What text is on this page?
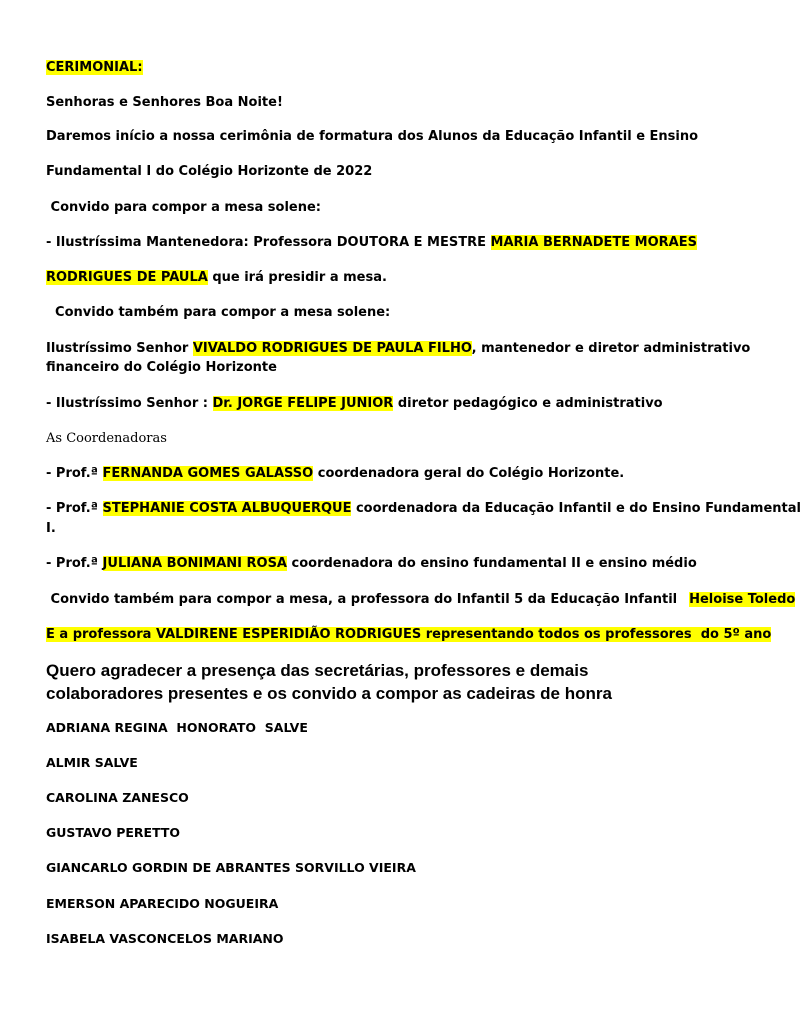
CERIMONIAL:
Senhoras e Senhores Boa Noite!
Daremos início a nossa cerimônia de formatura dos Alunos da Educação Infantil e Ensino
Fundamental I do Colégio Horizonte de 2022
Convido para compor a mesa solene:
- Ilustríssima Mantenedora: Professora DOUTORA E MESTRE MARIA BERNADETE MORAES
RODRIGUES DE PAULA que irá presidir a mesa.
Convido também para compor a mesa solene:
Ilustríssimo Senhor VIVALDO RODRIGUES DE PAULA FILHO, mantenedor e diretor administrativo
financeiro do Colégio Horizonte
- Ilustríssimo Senhor : Dr. JORGE FELIPE JUNIOR diretor pedagógico e administrativo
As Coordenadoras
- Prof.ª FERNANDA GOMES GALASSO coordenadora geral do Colégio Horizonte.
- Prof.ª STEPHANIE COSTA ALBUQUERQUE coordenadora da Educação Infantil e do Ensino Fundamental
I.
- Prof.ª JULIANA BONIMANI ROSA coordenadora do ensino fundamental II e ensino médio
Convido também para compor a mesa, a professora do Infantil 5 da Educação Infantil Heloise Toledo
E a professora VALDIRENE ESPERIDIÃO RODRIGUES representando todos os professores  do 5º ano
Quero agradecer a presença das secretárias, professores e demais
colaboradores presentes e os convido a compor as cadeiras de honra
ADRIANA REGINA  HONORATO  SALVE
ALMIR SALVE
CAROLINA ZANESCO
GUSTAVO PERETTO
GIANCARLO GORDIN DE ABRANTES SORVILLO VIEIRA
EMERSON APARECIDO NOGUEIRA
ISABELA VASCONCELOS MARIANO
